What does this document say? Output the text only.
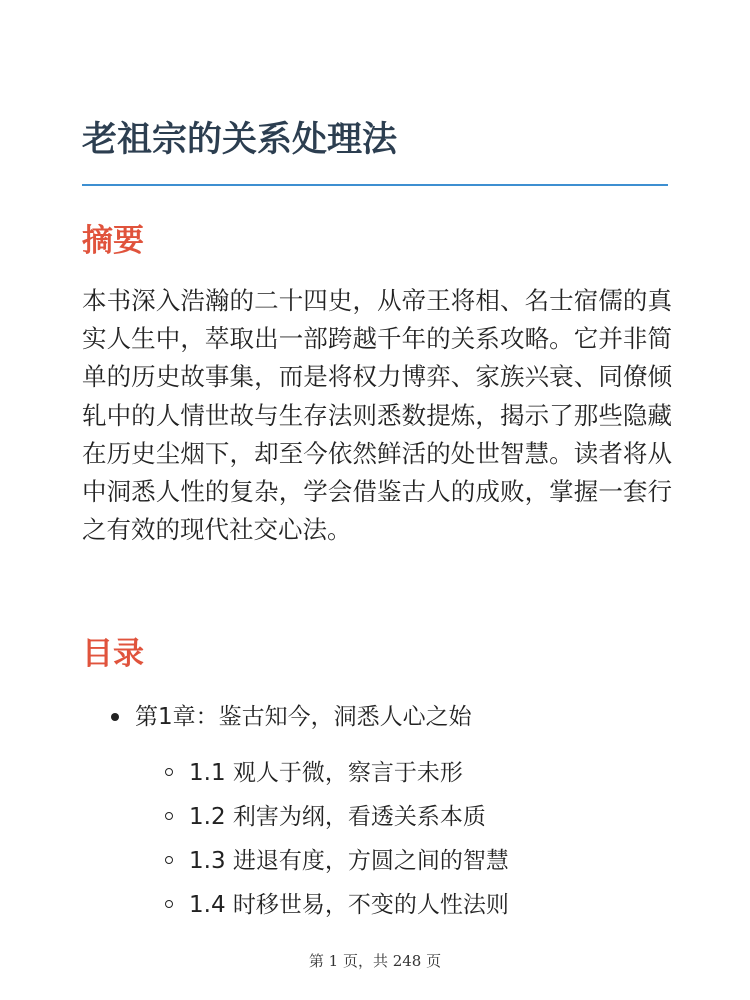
老祖宗的关系处理法
摘要

本书深入浩瀚的二十四史，从帝王将相、名士宿儒的真实人生中，萃取出一部跨越千年的关系攻略。它并非简单的历史故事集，而是将权力博弈、家族兴衰、同僚倾轧中的人情世故与生存法则悉数提炼，揭示了那些隐藏在历史尘烟下，却至今依然鲜活的处世智慧。读者将从中洞悉人性的复杂，学会借鉴古人的成败，掌握一套行之有效的现代社交心法。

目录
第1章：鉴古知今，洞悉人心之始
1.1 观人于微，察言于未形
1.2 利害为纲，看透关系本质
1.3 进退有度，方圆之间的智慧
1.4 时移世易，不变的人性法则
第 1 页，共 248 页
